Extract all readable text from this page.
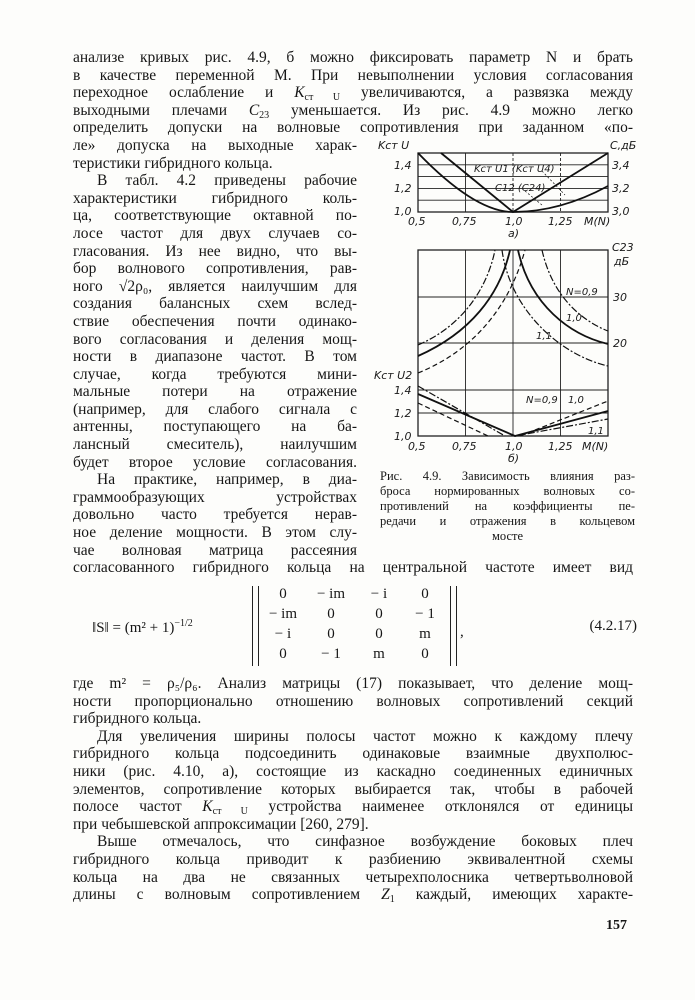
анализе кривых рис. 4.9, б можно фиксировать параметр N и брать
в качестве переменной M. При невыполнении условия согласования
переходное ослабление и $K_{ст U}$ увеличиваются, а развязка между
выходными плечами $C_{23}$ уменьшается. Из рис. 4.9 можно легко
определить допуски на волновые сопротивления при заданном «по-
ле» допуска на выходные харак-
теристики гибридного кольца.
В табл. 4.2 приведены рабочие
характеристики гибридного коль-
ца, соответствующие октавной по-
лосе частот для двух случаев со-
гласования. Из нее видно, что вы-
бор волнового сопротивления, рав-
ного √2ρ₀, является наилучшим для
создания балансных схем вслед-
ствие обеспечения почти одинако-
вого согласования и деления мощ-
ности в диапазоне частот. В том
случае, когда требуются мини-
мальные потери на отражение
(например, для слабого сигнала с
антенны, поступающего на ба-
лансный смеситель), наилучшим
будет второе условие согласования.
На практике, например, в диа-
граммообразующих устройствах
довольно часто требуется нерав-
ное деление мощности. В этом слу-
чае волновая матрица рассеяния
согласованного гибридного кольца на центральной частоте имеет вид
‖S‖ = $(m^2 + 1)^{-1/2}$
0	− im	− i	0
− im	0	0	− 1
− i	0	0	m
0	− 1	m	0
,	(4.2.17)
где m² = ρ₅/ρ₆. Анализ матрицы (17) показывает, что деление мощ-
ности пропорционально отношению волновых сопротивлений секций
гибридного кольца.
Для увеличения ширины полосы частот можно к каждому плечу
гибридного кольца подсоединить одинаковые взаимные двухполюс-
ники (рис. 4.10, а), состоящие из каскадно соединенных единичных
элементов, сопротивление которых выбирается так, чтобы в рабочей
полосе частот $K_{ст U}$ устройства наименее отклонялся от единицы
при чебышевской аппроксимации [260, 279].
Выше отмечалось, что синфазное возбуждение боковых плеч
гибридного кольца приводит к разбиению эквивалентной схемы
кольца на два не связанных четырехполосника четвертьволновой
длины с волновым сопротивлением $Z_1$ каждый, имеющих характе-
Kст U
1,4
1,2
1,0
С,дБ
3,4
3,2
3,0
0,5 0,75	1,0 1,25 M(N)
а)
Kст U1 (Kст U4)
C12 (C24)
Kст U2
1,4
1,2
1,0
С23
дБ
30
20
0,5 0,75	1,0 1,25 M(N)
б)
N=0,9
1,0
1,1
N=0,9 1,0
1,1
Рис. 4.9. Зависимость влияния раз-
броса нормированных волновых со-
противлений на коэффициенты пе-
редачи и отражения в кольцевом
мосте
157
